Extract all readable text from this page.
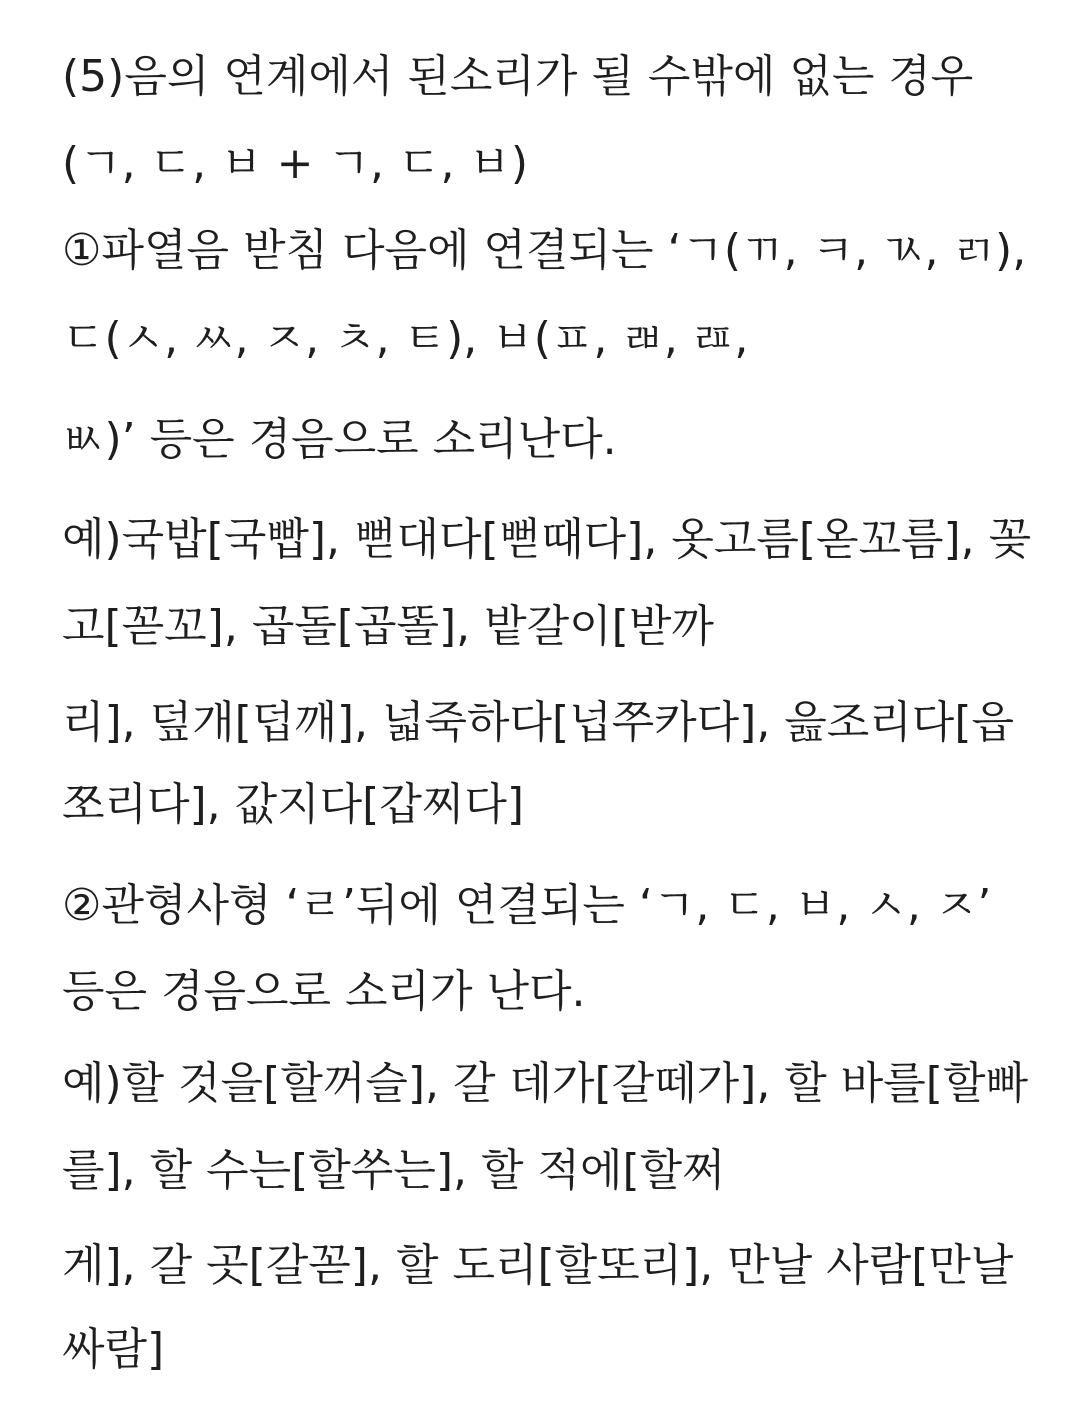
(5)음의 연계에서 된소리가 될 수밖에 없는 경우
(ㄱ, ㄷ, ㅂ + ㄱ, ㄷ, ㅂ)
①파열음 받침 다음에 연결되는 ‘ㄱ(ㄲ, ㅋ, ㄳ, ㄺ),
ㄷ(ㅅ, ㅆ, ㅈ, ㅊ, ㅌ), ㅂ(ㅍ, ㄼ, ㄿ,
ㅄ)’ 등은 경음으로 소리난다.
예)국밥[국빱], 뻗대다[뻗때다], 옷고름[옫꼬름], 꽂
고[꼳꼬], 곱돌[곱똘], 밭갈이[받까
리], 덮개[덥깨], 넓죽하다[넙쭈카다], 읊조리다[읍
쪼리다], 값지다[갑찌다]
②관형사형 ‘ㄹ’뒤에 연결되는 ‘ㄱ, ㄷ, ㅂ, ㅅ, ㅈ’
등은 경음으로 소리가 난다.
예)할 것을[할꺼슬], 갈 데가[갈떼가], 할 바를[할빠
를], 할 수는[할쑤는], 할 적에[할쩌
게], 갈 곳[갈꼳], 할 도리[할또리], 만날 사람[만날
싸람]
